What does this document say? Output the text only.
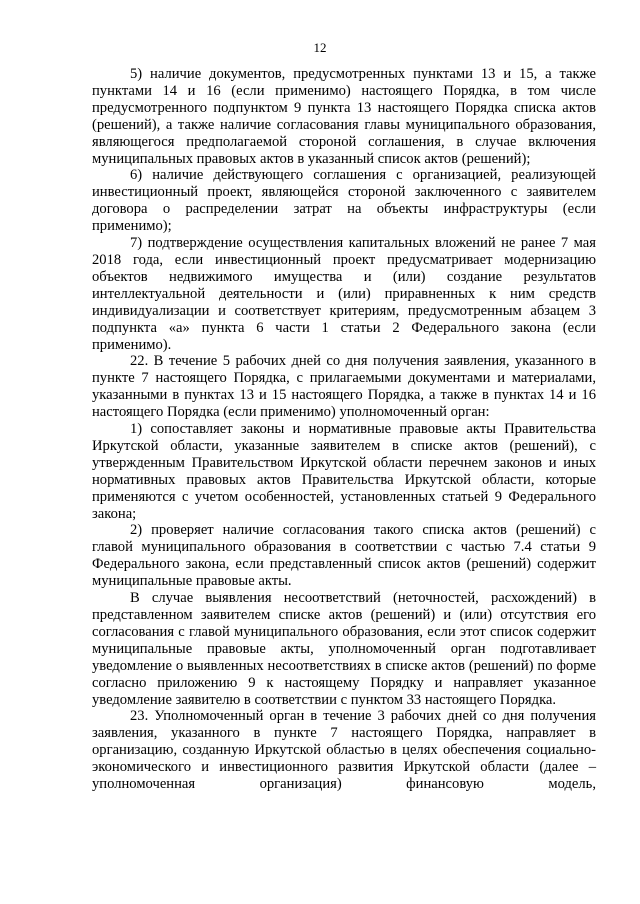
12

5) наличие документов, предусмотренных пунктами 13 и 15, а также пунктами 14 и 16 (если применимо) настоящего Порядка, в том числе предусмотренного подпунктом 9 пункта 13 настоящего Порядка списка актов (решений), а также наличие согласования главы муниципального образования, являющегося предполагаемой стороной соглашения, в случае включения муниципальных правовых актов в указанный список актов (решений);

6) наличие действующего соглашения с организацией, реализующей инвестиционный проект, являющейся стороной заключенного с заявителем договора о распределении затрат на объекты инфраструктуры (если применимо);

7) подтверждение осуществления капитальных вложений не ранее 7 мая 2018 года, если инвестиционный проект предусматривает модернизацию объектов недвижимого имущества и (или) создание результатов интеллектуальной деятельности и (или) приравненных к ним средств индивидуализации и соответствует критериям, предусмотренным абзацем 3 подпункта «а» пункта 6 части 1 статьи 2 Федерального закона (если применимо).

22. В течение 5 рабочих дней со дня получения заявления, указанного в пункте 7 настоящего Порядка, с прилагаемыми документами и материалами, указанными в пунктах 13 и 15 настоящего Порядка, а также в пунктах 14 и 16 настоящего Порядка (если применимо) уполномоченный орган:

1) сопоставляет законы и нормативные правовые акты Правительства Иркутской области, указанные заявителем в списке актов (решений), с утвержденным Правительством Иркутской области перечнем законов и иных нормативных правовых актов Правительства Иркутской области, которые применяются с учетом особенностей, установленных статьей 9 Федерального закона;

2) проверяет наличие согласования такого списка актов (решений) с главой муниципального образования в соответствии с частью 7.4 статьи 9 Федерального закона, если представленный список актов (решений) содержит муниципальные правовые акты.

В случае выявления несоответствий (неточностей, расхождений) в представленном заявителем списке актов (решений) и (или) отсутствия его согласования с главой муниципального образования, если этот список содержит муниципальные правовые акты, уполномоченный орган подготавливает уведомление о выявленных несоответствиях в списке актов (решений) по форме согласно приложению 9 к настоящему Порядку и направляет указанное уведомление заявителю в соответствии с пунктом 33 настоящего Порядка.

23. Уполномоченный орган в течение 3 рабочих дней со дня получения заявления, указанного в пункте 7 настоящего Порядка, направляет в организацию, созданную Иркутской областью в целях обеспечения социально-экономического и инвестиционного развития Иркутской области (далее – уполномоченная организация) финансовую модель,
